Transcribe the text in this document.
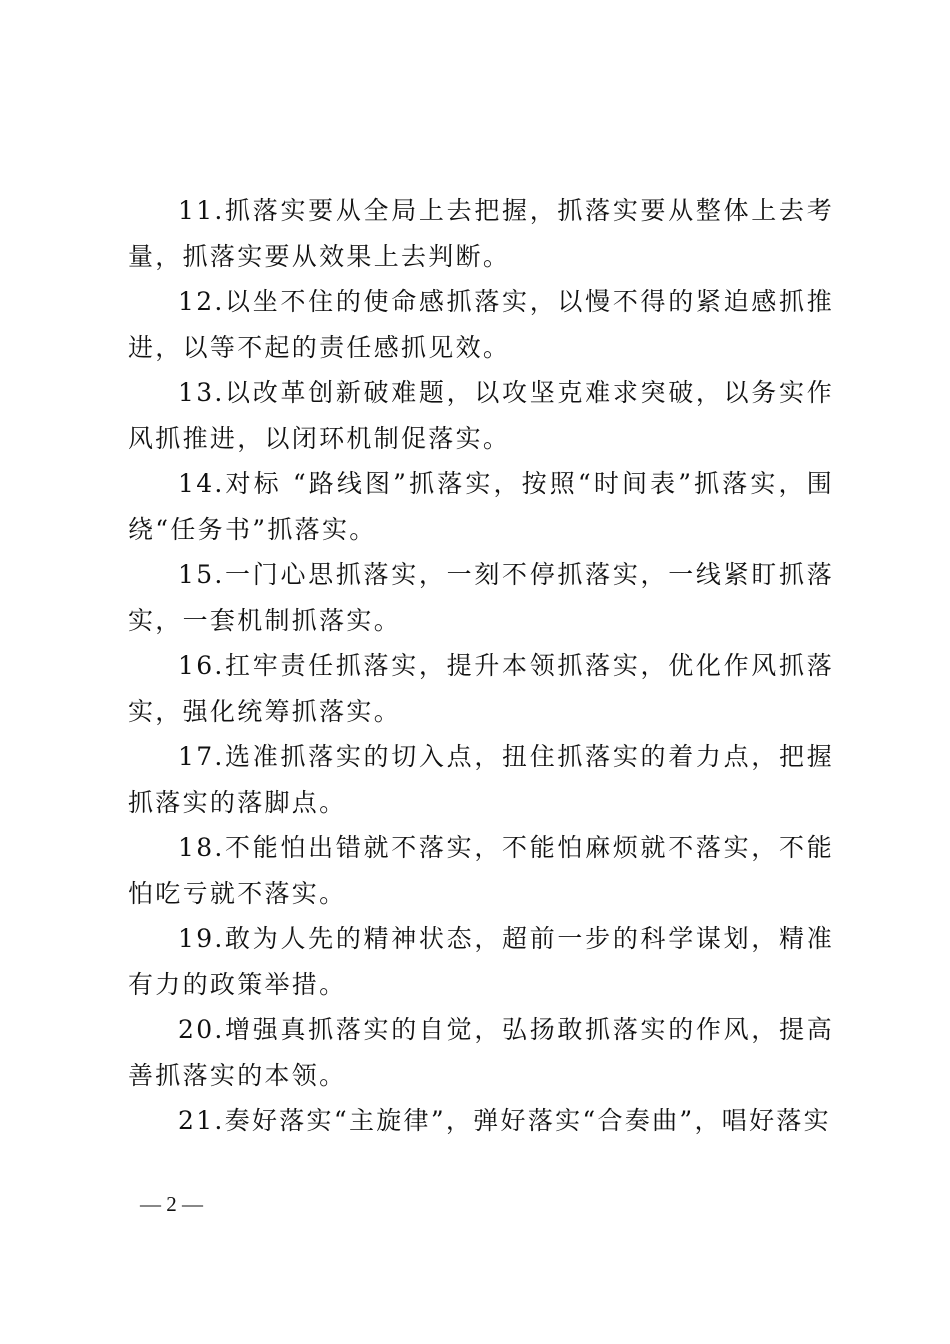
11.抓落实要从全局上去把握，抓落实要从整体上去考量，抓落实要从效果上去判断。

12.以坐不住的使命感抓落实，以慢不得的紧迫感抓推进，以等不起的责任感抓见效。

13.以改革创新破难题，以攻坚克难求突破，以务实作风抓推进，以闭环机制促落实。

14.对标 “路线图”抓落实，按照“时间表”抓落实，围绕“任务书”抓落实。

15.一门心思抓落实，一刻不停抓落实，一线紧盯抓落实，一套机制抓落实。

16.扛牢责任抓落实，提升本领抓落实，优化作风抓落实，强化统筹抓落实。

17.选准抓落实的切入点，扭住抓落实的着力点，把握抓落实的落脚点。

18.不能怕出错就不落实，不能怕麻烦就不落实，不能怕吃亏就不落实。

19.敢为人先的精神状态，超前一步的科学谋划，精准有力的政策举措。

20.增强真抓落实的自觉，弘扬敢抓落实的作风，提高善抓落实的本领。

21.奏好落实“主旋律”，弹好落实“合奏曲”，唱好落实

— 2 —
